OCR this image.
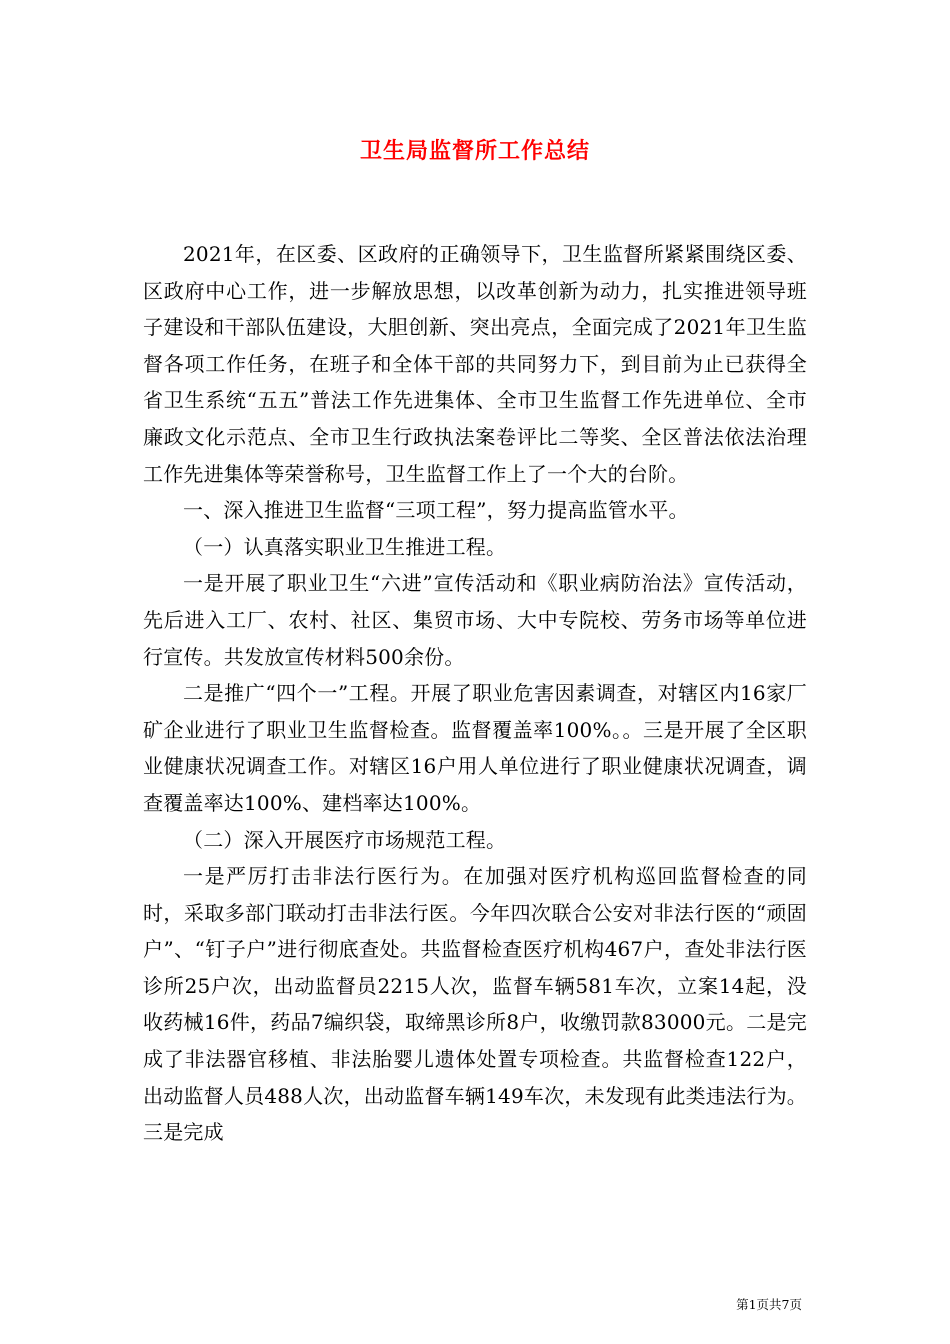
卫生局监督所工作总结

2021年，在区委、区政府的正确领导下，卫生监督所紧紧围绕区委、区政府中心工作，进一步解放思想，以改革创新为动力，扎实推进领导班子建设和干部队伍建设，大胆创新、突出亮点，全面完成了2021年卫生监督各项工作任务，在班子和全体干部的共同努力下，到目前为止已获得全省卫生系统“五五”普法工作先进集体、全市卫生监督工作先进单位、全市廉政文化示范点、全市卫生行政执法案卷评比二等奖、全区普法依法治理工作先进集体等荣誉称号，卫生监督工作上了一个大的台阶。

一、深入推进卫生监督“三项工程”，努力提高监管水平。

（一）认真落实职业卫生推进工程。

一是开展了职业卫生“六进”宣传活动和《职业病防治法》宣传活动，先后进入工厂、农村、社区、集贸市场、大中专院校、劳务市场等单位进行宣传。共发放宣传材料500余份。

二是推广“四个一”工程。开展了职业危害因素调查，对辖区内16家厂矿企业进行了职业卫生监督检查。监督覆盖率100%。。三是开展了全区职业健康状况调查工作。对辖区16户用人单位进行了职业健康状况调查，调查覆盖率达100%、建档率达100%。

（二）深入开展医疗市场规范工程。

一是严厉打击非法行医行为。在加强对医疗机构巡回监督检查的同时，采取多部门联动打击非法行医。今年四次联合公安对非法行医的“顽固户”、“钉子户”进行彻底查处。共监督检查医疗机构467户，查处非法行医诊所25户次，出动监督员2215人次，监督车辆581车次，立案14起，没收药械16件，药品7编织袋，取缔黑诊所8户，收缴罚款83000元。二是完成了非法器官移植、非法胎婴儿遗体处置专项检查。共监督检查122户，出动监督人员488人次，出动监督车辆149车次，未发现有此类违法行为。三是完成

第1页共7页
